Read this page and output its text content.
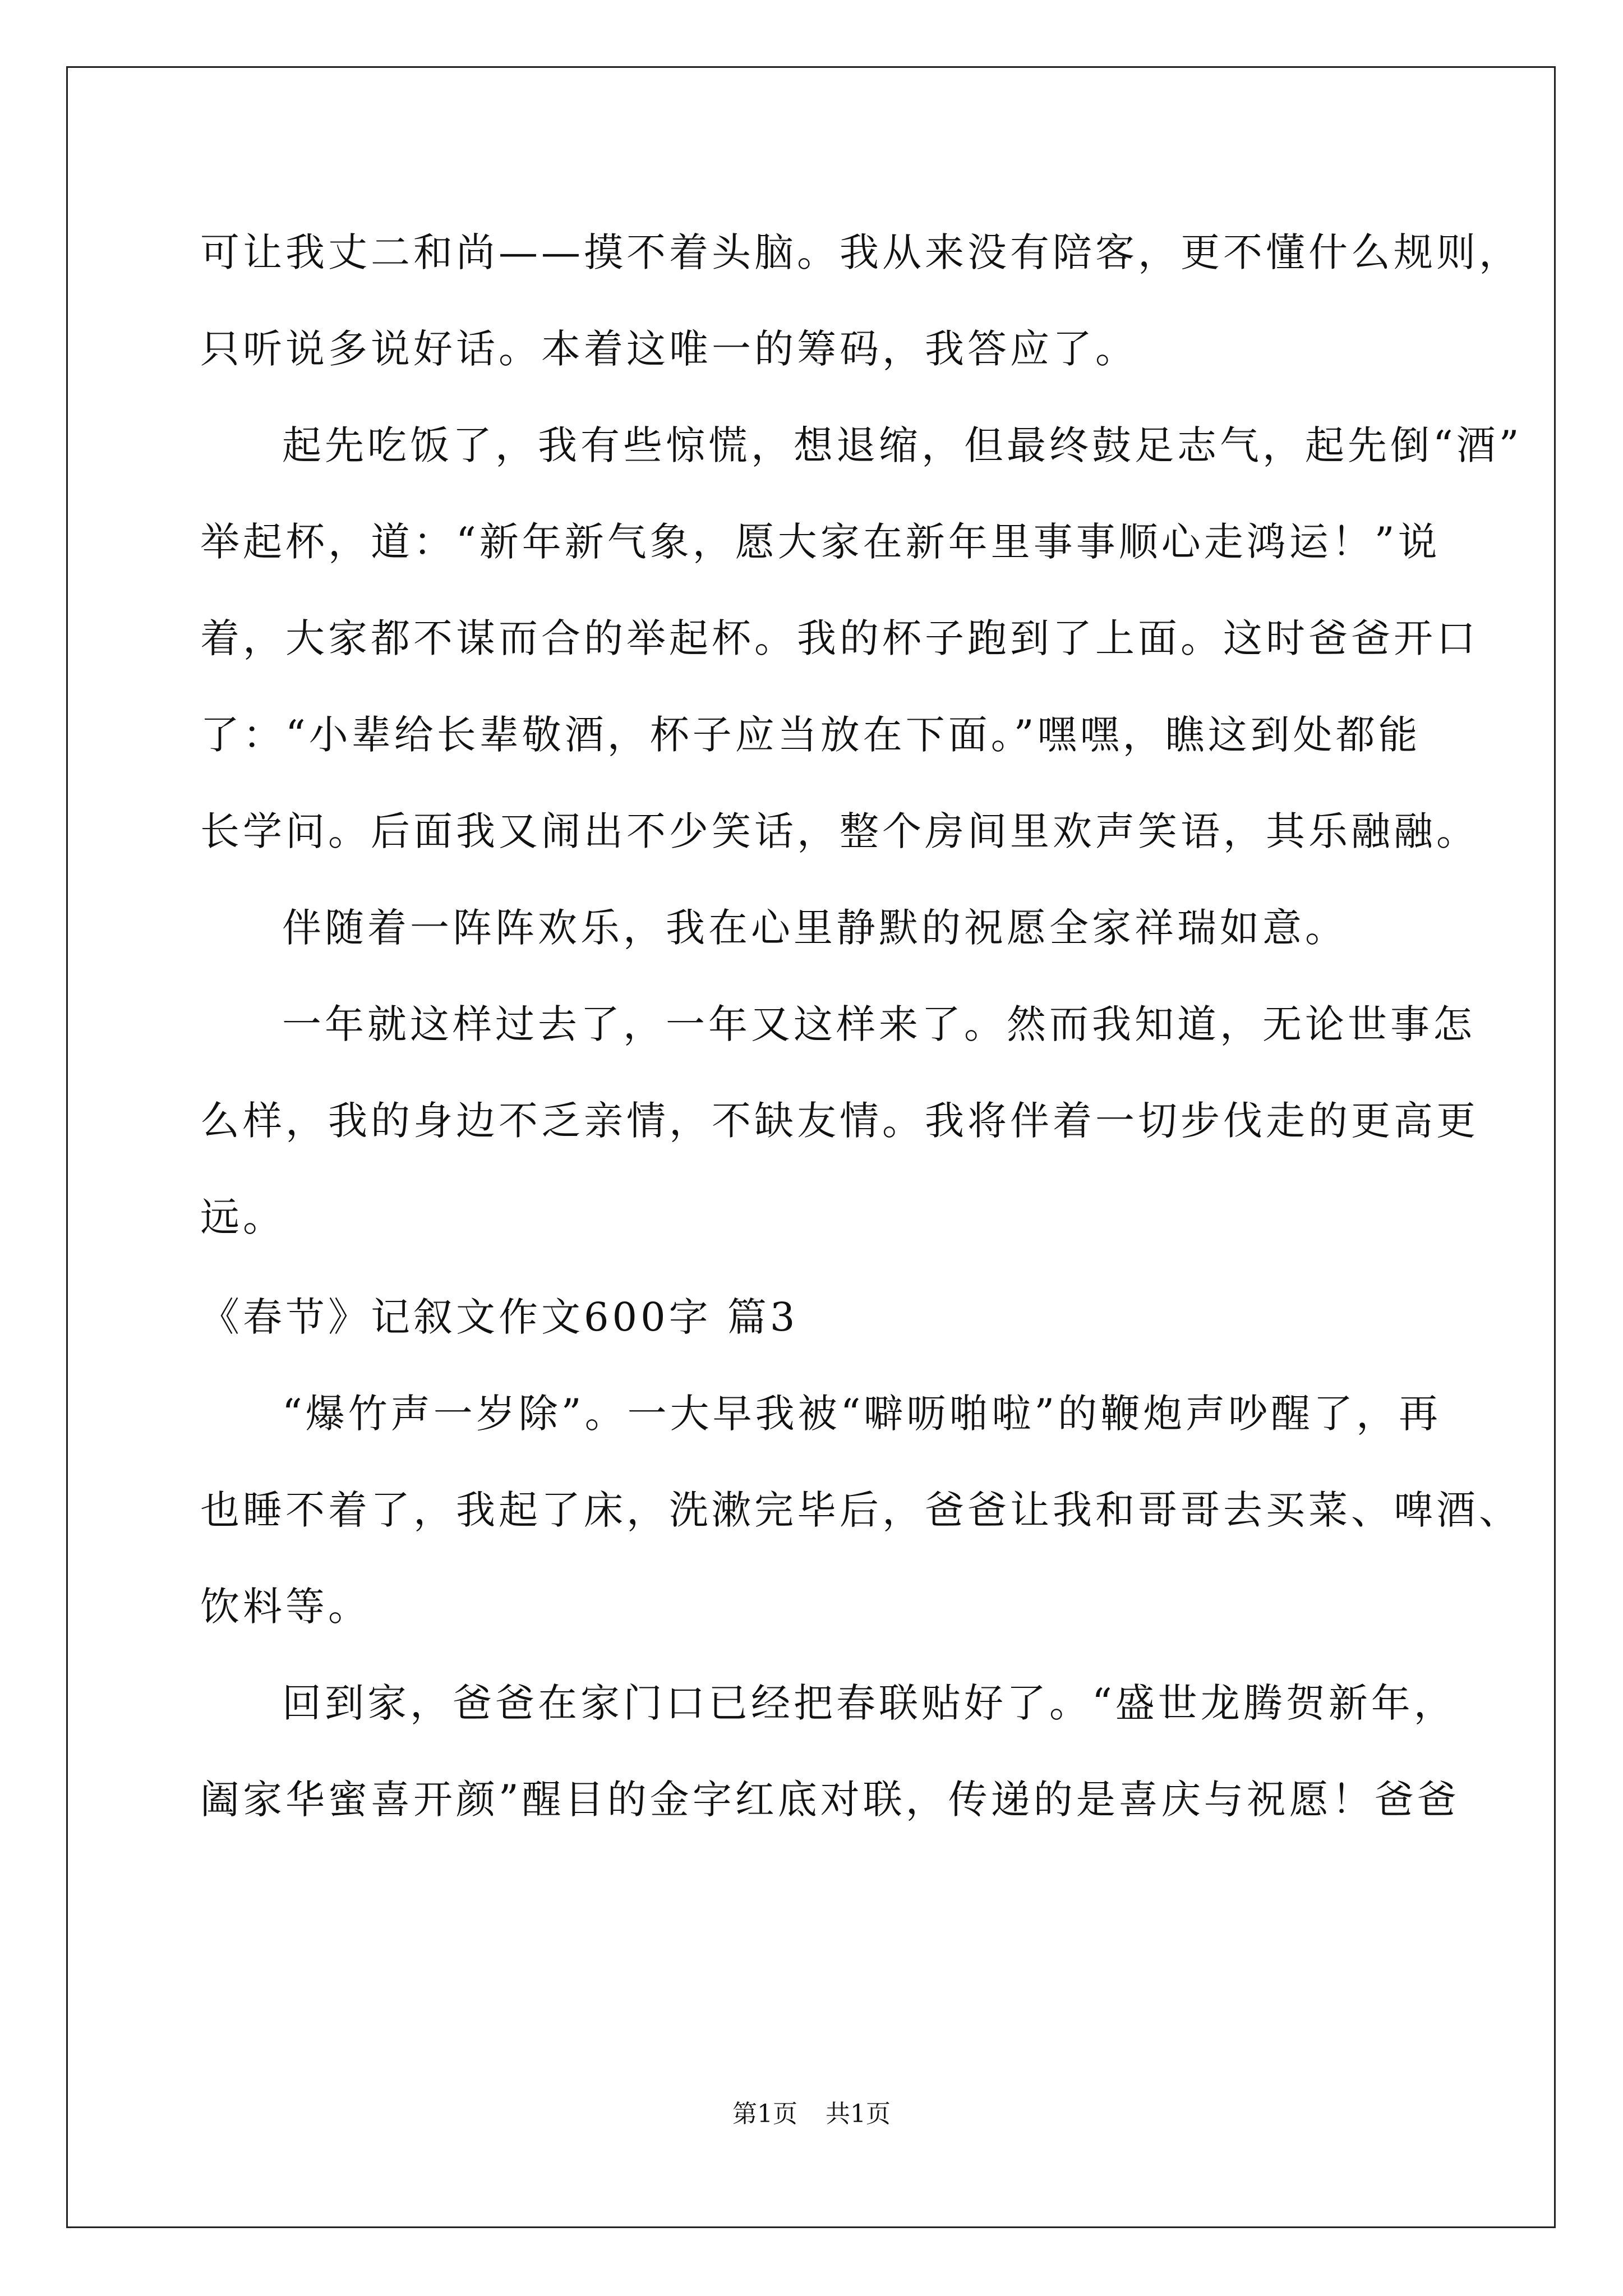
可让我丈二和尚——摸不着头脑。我从来没有陪客，更不懂什么规则，
只听说多说好话。本着这唯一的筹码，我答应了。
起先吃饭了，我有些惊慌，想退缩，但最终鼓足志气，起先倒“酒”
举起杯，道：“新年新气象，愿大家在新年里事事顺心走鸿运！”说
着，大家都不谋而合的举起杯。我的杯子跑到了上面。这时爸爸开口
了：“小辈给长辈敬酒，杯子应当放在下面。”嘿嘿，瞧这到处都能
长学问。后面我又闹出不少笑话，整个房间里欢声笑语，其乐融融。
伴随着一阵阵欢乐，我在心里静默的祝愿全家祥瑞如意。
一年就这样过去了，一年又这样来了。然而我知道，无论世事怎
么样，我的身边不乏亲情，不缺友情。我将伴着一切步伐走的更高更
远。
《春节》记叙文作文600字 篇3
“爆竹声一岁除”。一大早我被“噼呖啪啦”的鞭炮声吵醒了，再
也睡不着了，我起了床，洗漱完毕后，爸爸让我和哥哥去买菜、啤酒、
饮料等。
回到家，爸爸在家门口已经把春联贴好了。“盛世龙腾贺新年，
阖家华蜜喜开颜”醒目的金字红底对联，传递的是喜庆与祝愿！爸爸
第1页 共1页
